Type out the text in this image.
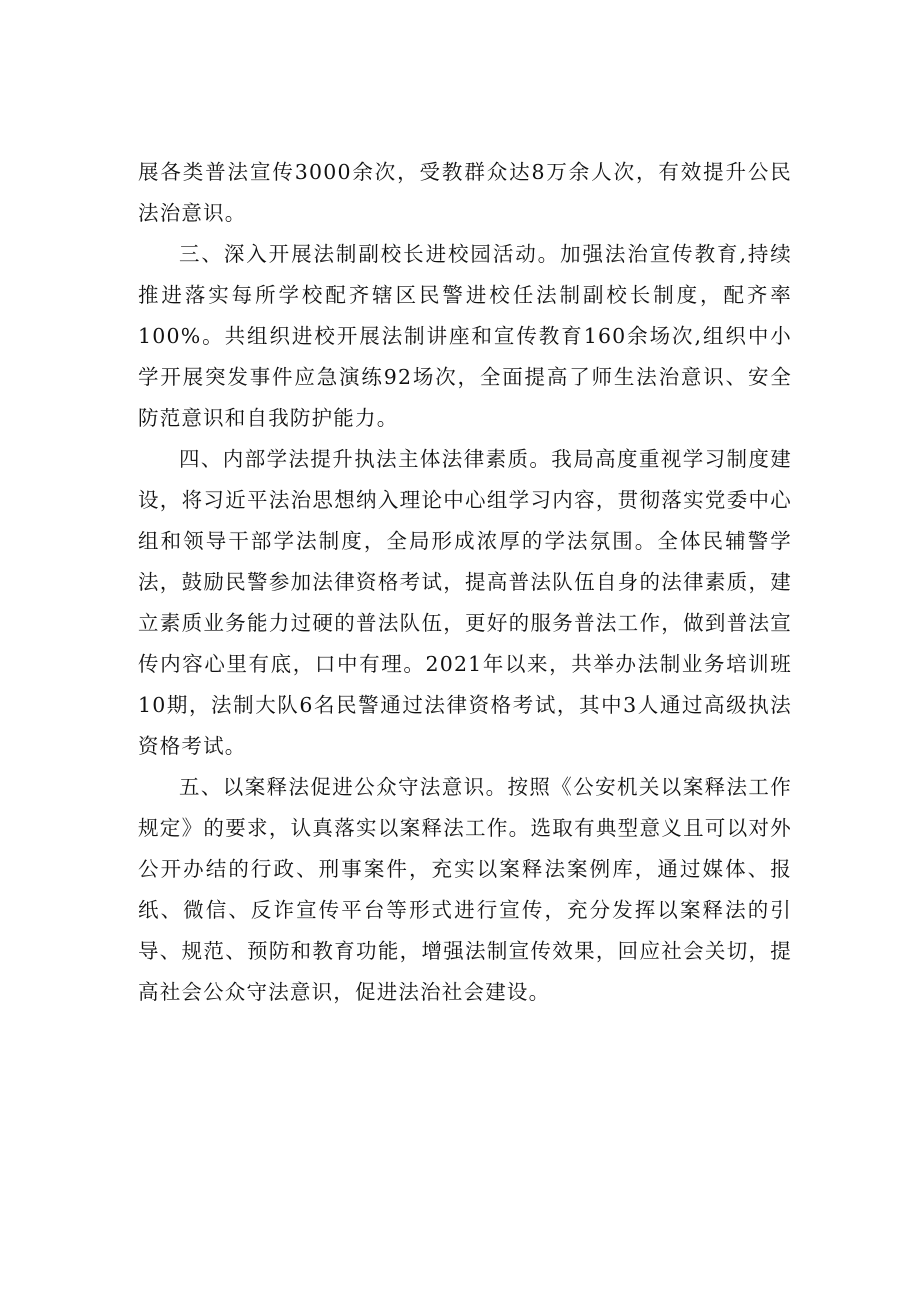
展各类普法宣传3000余次，受教群众达8万余人次，有效提升公民法治意识。

三、深入开展法制副校长进校园活动。加强法治宣传教育,持续推进落实每所学校配齐辖区民警进校任法制副校长制度，配齐率100%。共组织进校开展法制讲座和宣传教育160余场次,组织中小学开展突发事件应急演练92场次，全面提高了师生法治意识、安全防范意识和自我防护能力。

四、内部学法提升执法主体法律素质。我局高度重视学习制度建设，将习近平法治思想纳入理论中心组学习内容，贯彻落实党委中心组和领导干部学法制度，全局形成浓厚的学法氛围。全体民辅警学法，鼓励民警参加法律资格考试，提高普法队伍自身的法律素质，建立素质业务能力过硬的普法队伍，更好的服务普法工作，做到普法宣传内容心里有底，口中有理。2021年以来，共举办法制业务培训班10期，法制大队6名民警通过法律资格考试，其中3人通过高级执法资格考试。

五、以案释法促进公众守法意识。按照《公安机关以案释法工作规定》的要求，认真落实以案释法工作。选取有典型意义且可以对外公开办结的行政、刑事案件，充实以案释法案例库，通过媒体、报纸、微信、反诈宣传平台等形式进行宣传，充分发挥以案释法的引导、规范、预防和教育功能，增强法制宣传效果，回应社会关切，提高社会公众守法意识，促进法治社会建设。
